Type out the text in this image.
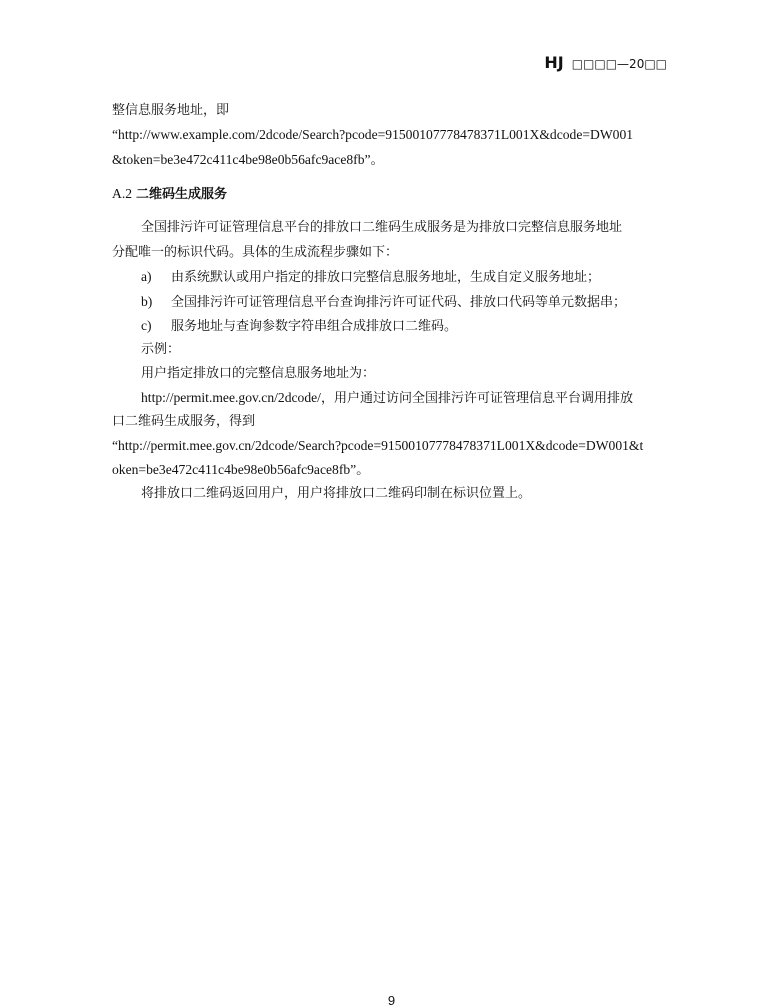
HJ □□□□—20□□
整信息服务地址，即
“http://www.example.com/2dcode/Search?pcode=91500107778478371L001X&dcode=DW001
&token=be3e472c411c4be98e0b56afc9ace8fb”。
A.2 二维码生成服务
全国排污许可证管理信息平台的排放口二维码生成服务是为排放口完整信息服务地址
分配唯一的标识代码。具体的生成流程步骤如下：
a) 由系统默认或用户指定的排放口完整信息服务地址，生成自定义服务地址；
b) 全国排污许可证管理信息平台查询排污许可证代码、排放口代码等单元数据串；
c) 服务地址与查询参数字符串组合成排放口二维码。
示例：
用户指定排放口的完整信息服务地址为：
http://permit.mee.gov.cn/2dcode/，用户通过访问全国排污许可证管理信息平台调用排放
口二维码生成服务，得到
“http://permit.mee.gov.cn/2dcode/Search?pcode=91500107778478371L001X&dcode=DW001&t
oken=be3e472c411c4be98e0b56afc9ace8fb”。
将排放口二维码返回用户，用户将排放口二维码印制在标识位置上。
9
